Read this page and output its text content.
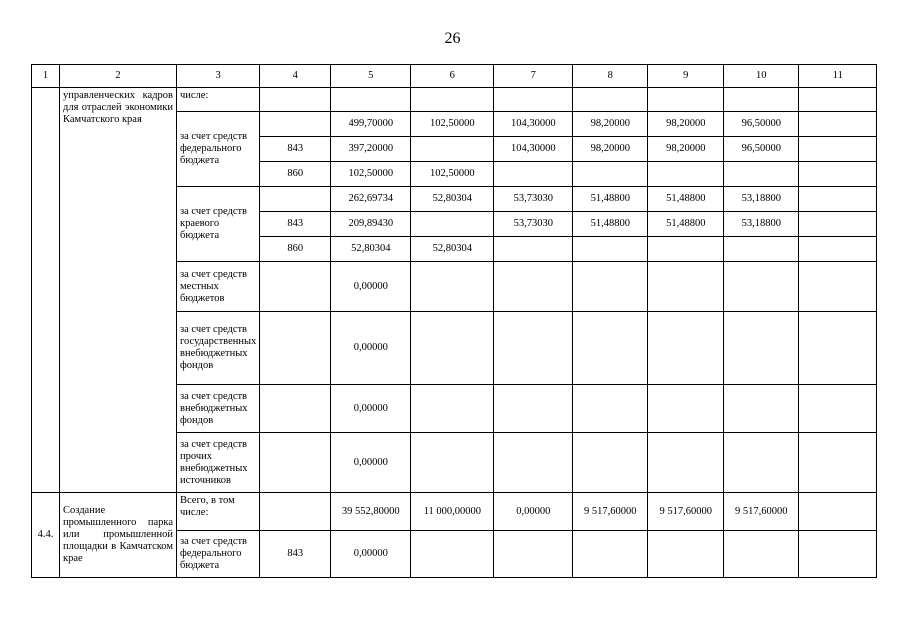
26
1	2	3	4	5	6	7	8	9	10	11
	управленческих кадров для отраслей экономики Камчатского края	числе:								
		за счет средств федерального бюджета		499,70000	102,50000	104,30000	98,20000	98,20000	96,50000	
			843	397,20000		104,30000	98,20000	98,20000	96,50000	
			860	102,50000	102,50000					
		за счет средств краевого бюджета		262,69734	52,80304	53,73030	51,48800	51,48800	53,18800	
			843	209,89430		53,73030	51,48800	51,48800	53,18800	
			860	52,80304	52,80304					
		за счет средств местных бюджетов		0,00000						
		за счет средств государственных внебюджетных фондов		0,00000						
		за счет средств внебюджетных фондов		0,00000						
		за счет средств прочих внебюджетных источников		0,00000						
4.4.	Создание промышленного парка или промышленной площадки в Камчатском крае	Всего, в том числе:		39 552,80000	11 000,00000	0,00000	9 517,60000	9 517,60000	9 517,60000	
		за счет средств федерального бюджета	843	0,00000						
